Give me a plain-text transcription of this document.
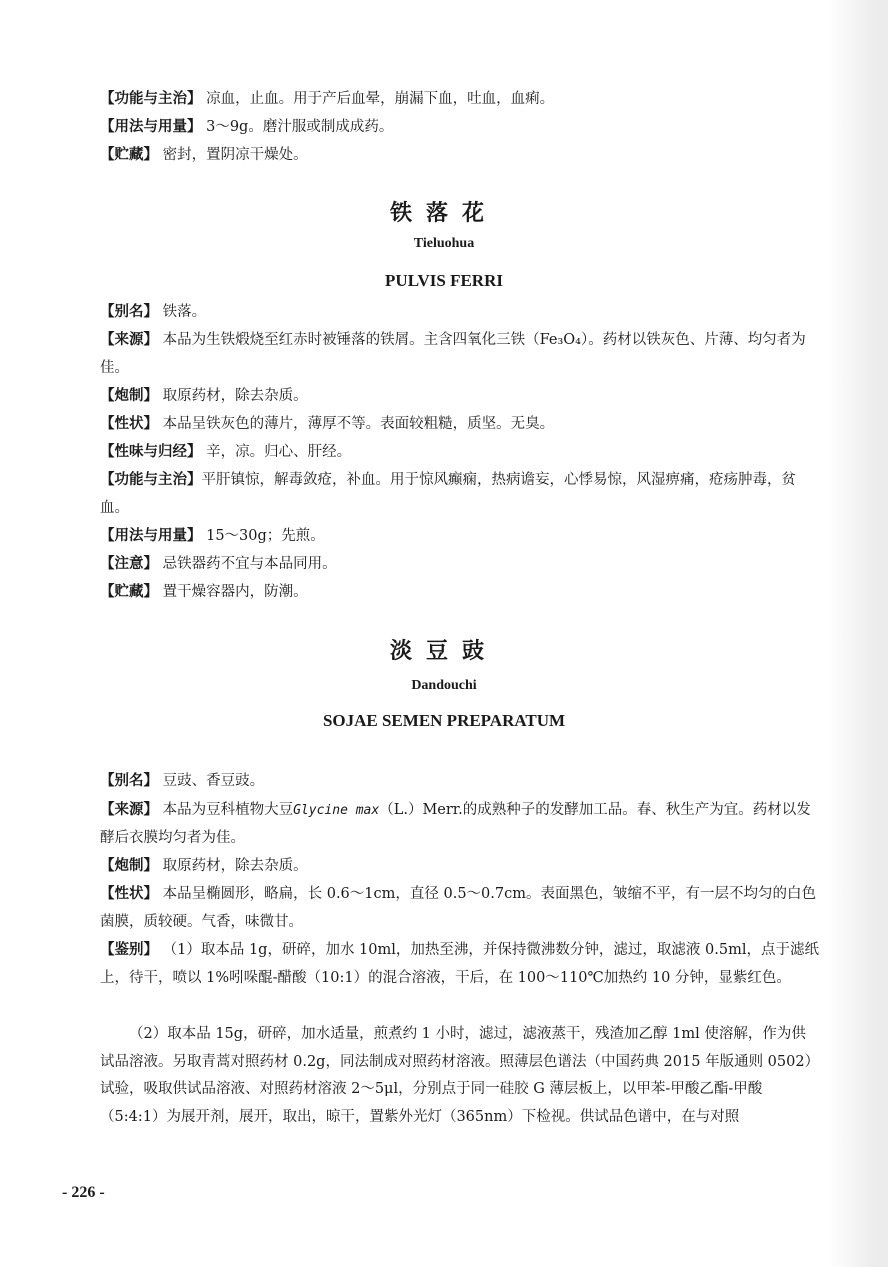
【功能与主治】 凉血，止血。用于产后血晕，崩漏下血，吐血，血痢。

【用法与用量】 3～9g。磨汁服或制成成药。

【贮藏】 密封，置阴凉干燥处。

铁落花
Tieluohua
PULVIS FERRI

【别名】 铁落。

【来源】 本品为生铁煅烧至红赤时被锤落的铁屑。主含四氧化三铁（Fe₃O₄）。药材以铁灰色、片薄、均匀者为佳。

【炮制】 取原药材，除去杂质。

【性状】 本品呈铁灰色的薄片，薄厚不等。表面较粗糙，质坚。无臭。

【性味与归经】 辛，凉。归心、肝经。

【功能与主治】平肝镇惊，解毒敛疮，补血。用于惊风癫痫，热病谵妄，心悸易惊，风湿痹痛，疮疡肿毒，贫血。

【用法与用量】 15～30g；先煎。

【注意】 忌铁器药不宜与本品同用。

【贮藏】 置干燥容器内，防潮。

淡豆豉
Dandouchi
SOJAE SEMEN PREPARATUM

【别名】 豆豉、香豆豉。

【来源】 本品为豆科植物大豆Glycine max（L.）Merr.的成熟种子的发酵加工品。春、秋生产为宜。药材以发酵后衣膜均匀者为佳。

【炮制】 取原药材，除去杂质。

【性状】 本品呈椭圆形，略扁，长 0.6～1cm，直径 0.5～0.7cm。表面黑色，皱缩不平，有一层不均匀的白色菌膜，质较硬。气香，味微甘。

【鉴别】 （1）取本品 1g，研碎，加水 10ml，加热至沸，并保持微沸数分钟，滤过，取滤液 0.5ml，点于滤纸上，待干，喷以 1%吲哚醌-醋酸（10:1）的混合溶液，干后，在 100～110℃加热约 10 分钟，显紫红色。

（2）取本品 15g，研碎，加水适量，煎煮约 1 小时，滤过，滤液蒸干，残渣加乙醇 1ml 使溶解，作为供试品溶液。另取青蒿对照药材 0.2g，同法制成对照药材溶液。照薄层色谱法（中国药典 2015 年版通则 0502）试验，吸取供试品溶液、对照药材溶液 2～5μl，分别点于同一硅胶 G 薄层板上，以甲苯-甲酸乙酯-甲酸（5:4:1）为展开剂，展开，取出，晾干，置紫外光灯（365nm）下检视。供试品色谱中，在与对照

- 226 -
